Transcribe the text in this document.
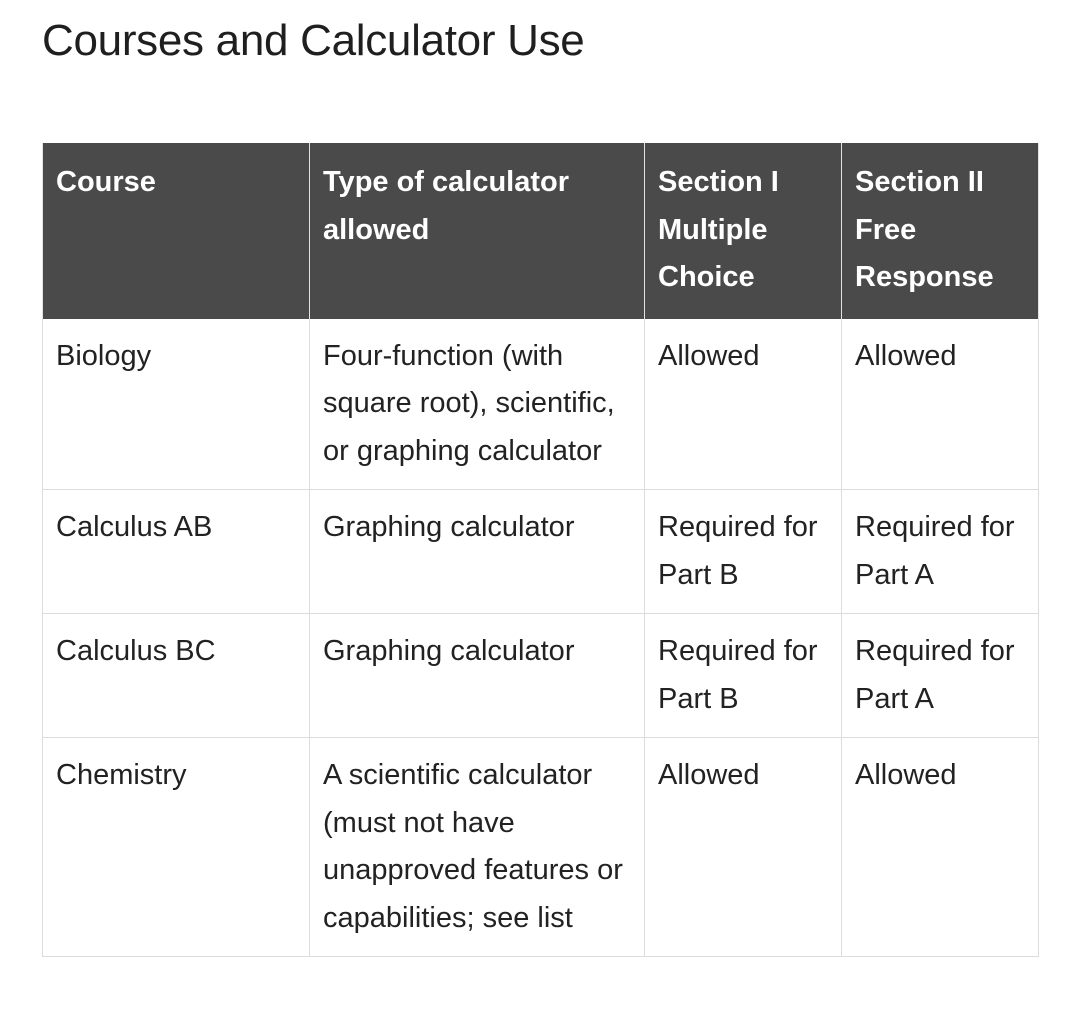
Courses and Calculator Use
Course	Type of calculator allowed	Section I Multiple Choice	Section II Free Response
Biology	Four-function (with square root), scientific, or graphing calculator	Allowed	Allowed
Calculus AB	Graphing calculator	Required for Part B	Required for Part A
Calculus BC	Graphing calculator	Required for Part B	Required for Part A
Chemistry	A scientific calculator (must not have unapproved features or capabilities; see list	Allowed	Allowed
